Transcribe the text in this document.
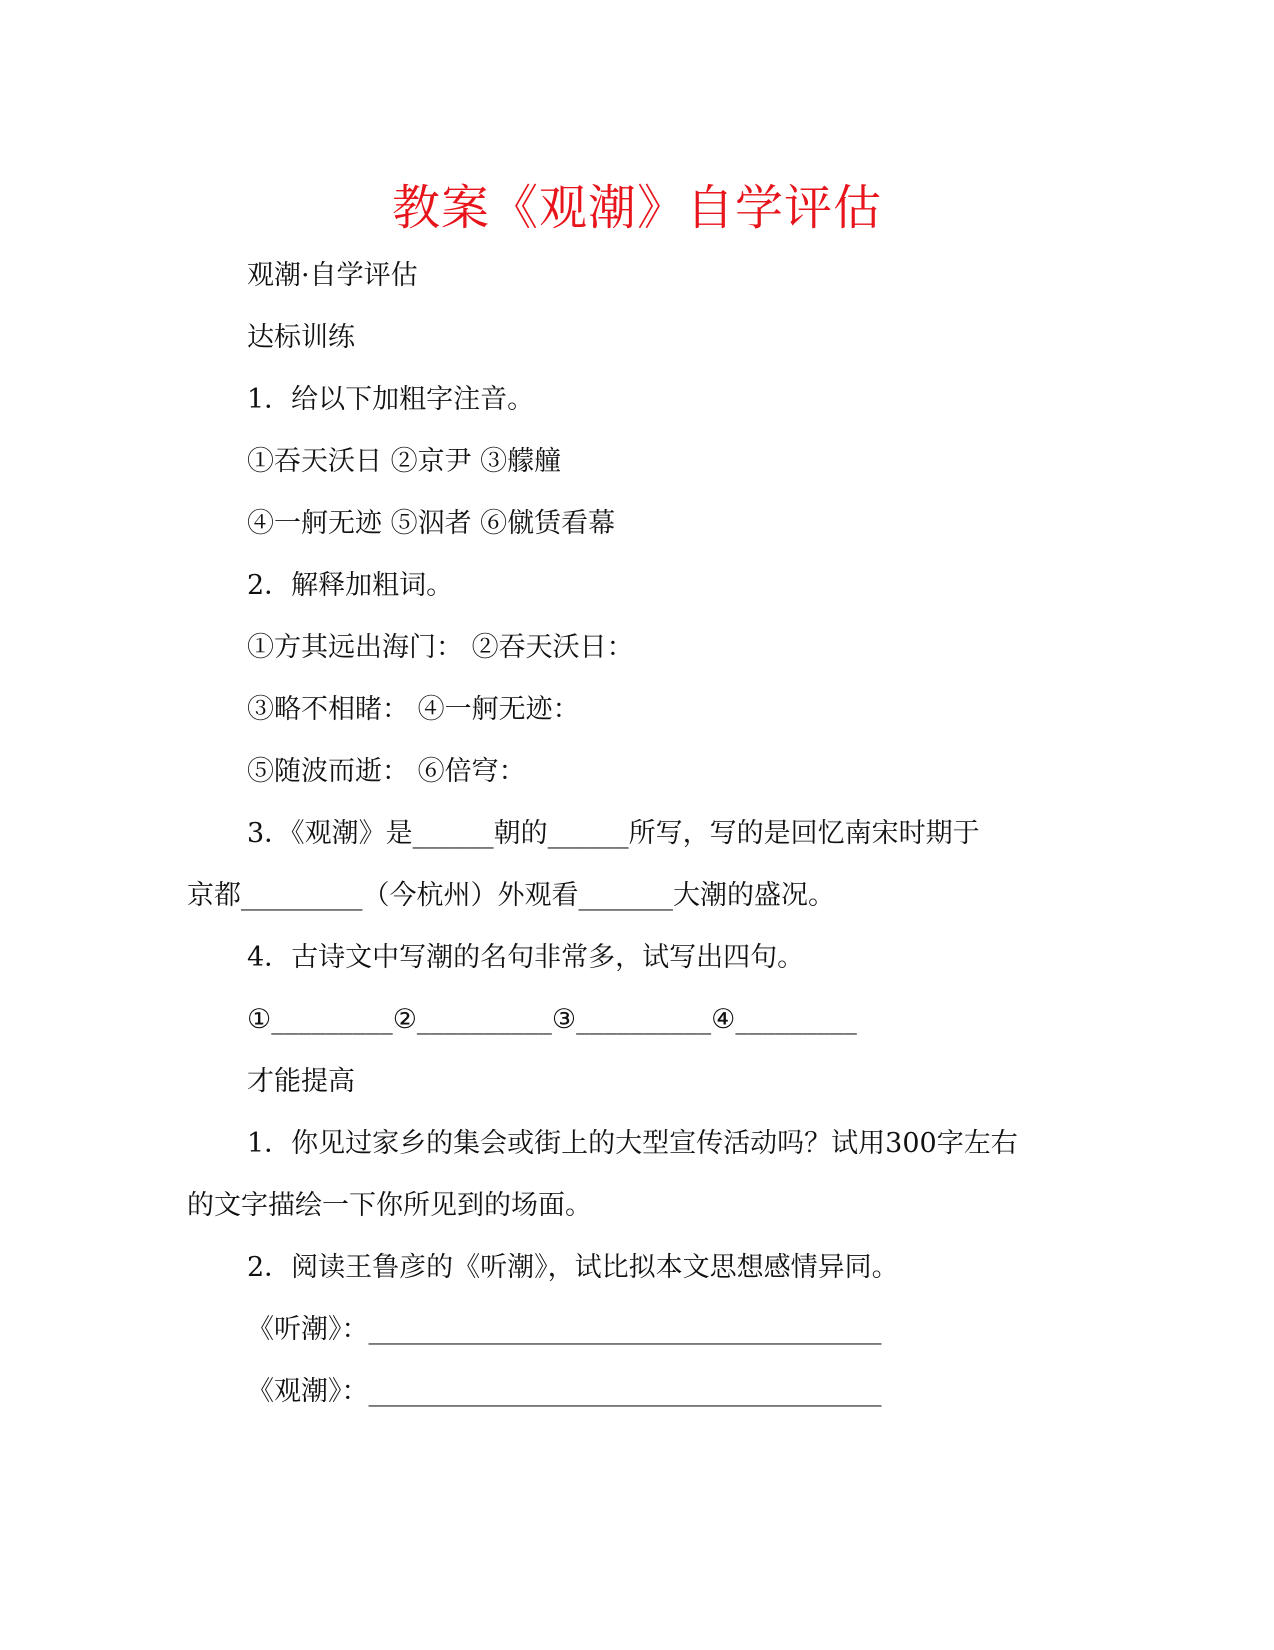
教案《观潮》自学评估
观潮·自学评估
达标训练
1．给以下加粗字注音。
①吞天沃日 ②京尹 ③艨艟
④一舸无迹 ⑤泅者 ⑥僦赁看幕
2．解释加粗词。
①方其远出海门： ②吞天沃日：
③略不相睹： ④一舸无迹：
⑤随波而逝： ⑥倍穹：
3．《观潮》是______朝的______所写，写的是回忆南宋时期于
京都_________（今杭州）外观看_______大潮的盛况。
4．古诗文中写潮的名句非常多，试写出四句。
①_________②__________③__________④_________
才能提高
1．你见过家乡的集会或街上的大型宣传活动吗？试用300字左右
的文字描绘一下你所见到的场面。
2．阅读王鲁彦的《听潮》，试比拟本文思想感情异同。
《听潮》：______________________________________
《观潮》：______________________________________
